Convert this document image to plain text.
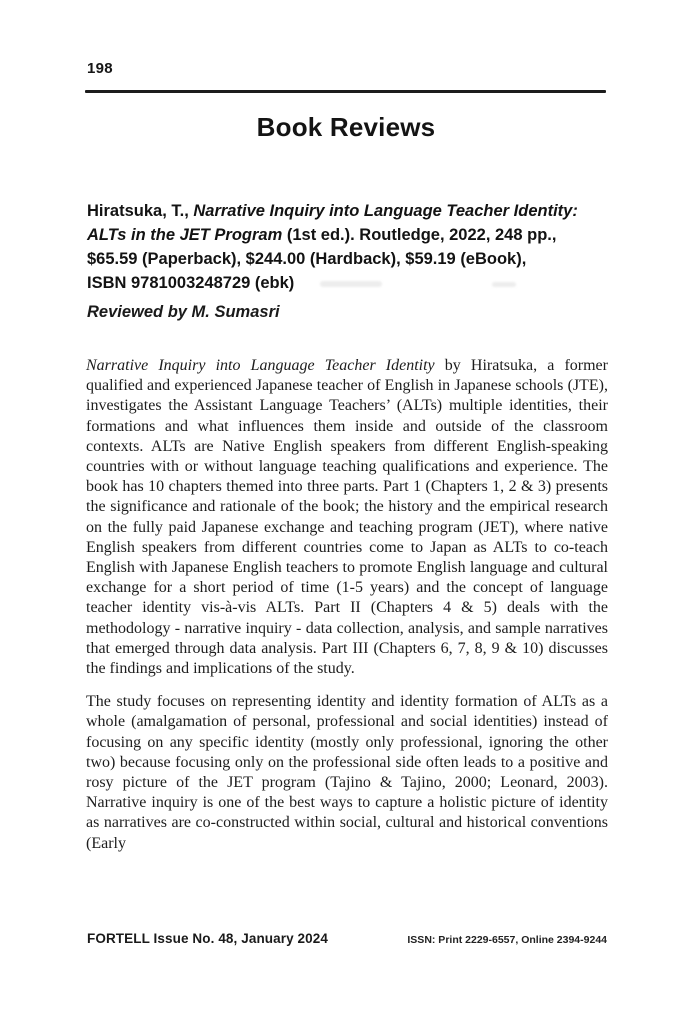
198
Book Reviews
Hiratsuka, T., Narrative Inquiry into Language Teacher Identity:
ALTs in the JET Program (1st ed.). Routledge, 2022, 248 pp.,
$65.59 (Paperback), $244.00 (Hardback), $59.19 (eBook),
ISBN 9781003248729 (ebk)
Reviewed by M. Sumasri

Narrative Inquiry into Language Teacher Identity by Hiratsuka, a former qualified and experienced Japanese teacher of English in Japanese schools (JTE), investigates the Assistant Language Teachers’ (ALTs) multiple identities, their formations and what influences them inside and outside of the classroom contexts. ALTs are Native English speakers from different English-speaking countries with or without language teaching qualifications and experience. The book has 10 chapters themed into three parts. Part 1 (Chapters 1, 2 & 3) presents the significance and rationale of the book; the history and the empirical research on the fully paid Japanese exchange and teaching program (JET), where native English speakers from different countries come to Japan as ALTs to co-teach English with Japanese English teachers to promote English language and cultural exchange for a short period of time (1-5 years) and the concept of language teacher identity vis-à-vis ALTs. Part II (Chapters 4 & 5) deals with the methodology - narrative inquiry - data collection, analysis, and sample narratives that emerged through data analysis. Part III (Chapters 6, 7, 8, 9 & 10) discusses the findings and implications of the study.

The study focuses on representing identity and identity formation of ALTs as a whole (amalgamation of personal, professional and social identities) instead of focusing on any specific identity (mostly only professional, ignoring the other two) because focusing only on the professional side often leads to a positive and rosy picture of the JET program (Tajino & Tajino, 2000; Leonard, 2003). Narrative inquiry is one of the best ways to capture a holistic picture of identity as narratives are co-constructed within social, cultural and historical conventions (Early

FORTELL Issue No. 48, January 2024	ISSN: Print 2229-6557, Online 2394-9244
